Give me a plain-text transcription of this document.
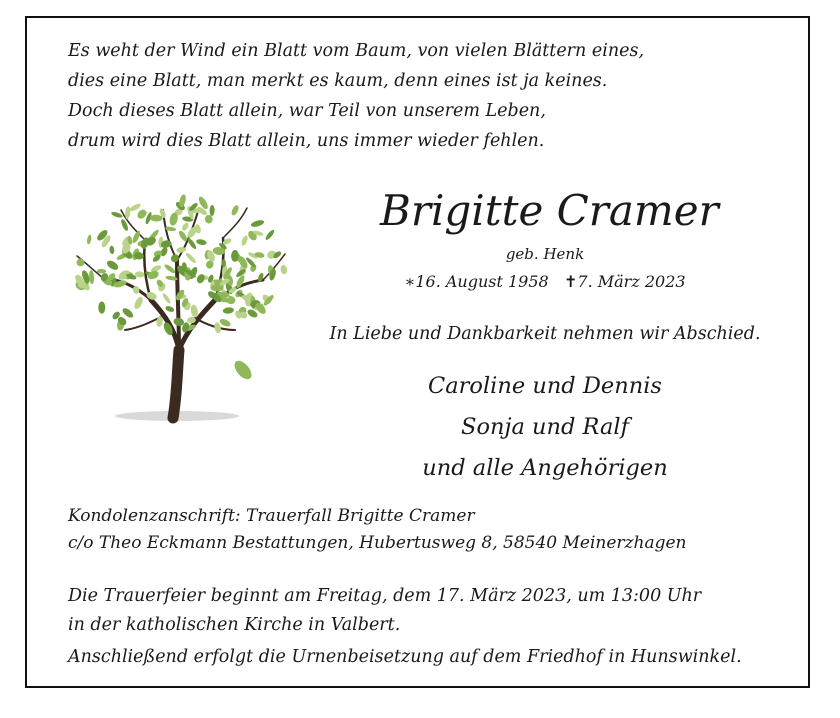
Es weht der Wind ein Blatt vom Baum, von vielen Blättern eines,
dies eine Blatt, man merkt es kaum, denn eines ist ja keines.
Doch dieses Blatt allein, war Teil von unserem Leben,
drum wird dies Blatt allein, uns immer wieder fehlen.
Brigitte Cramer
geb. Henk
∗16. August 1958 ✝7. März 2023
In Liebe und Dankbarkeit nehmen wir Abschied.
Caroline und Dennis
Sonja und Ralf
und alle Angehörigen
Kondolenzanschrift: Trauerfall Brigitte Cramer
c/o Theo Eckmann Bestattungen, Hubertusweg 8, 58540 Meinerzhagen
Die Trauerfeier beginnt am Freitag, dem 17. März 2023, um 13:00 Uhr
in der katholischen Kirche in Valbert.
Anschließend erfolgt die Urnenbeisetzung auf dem Friedhof in Hunswinkel.
